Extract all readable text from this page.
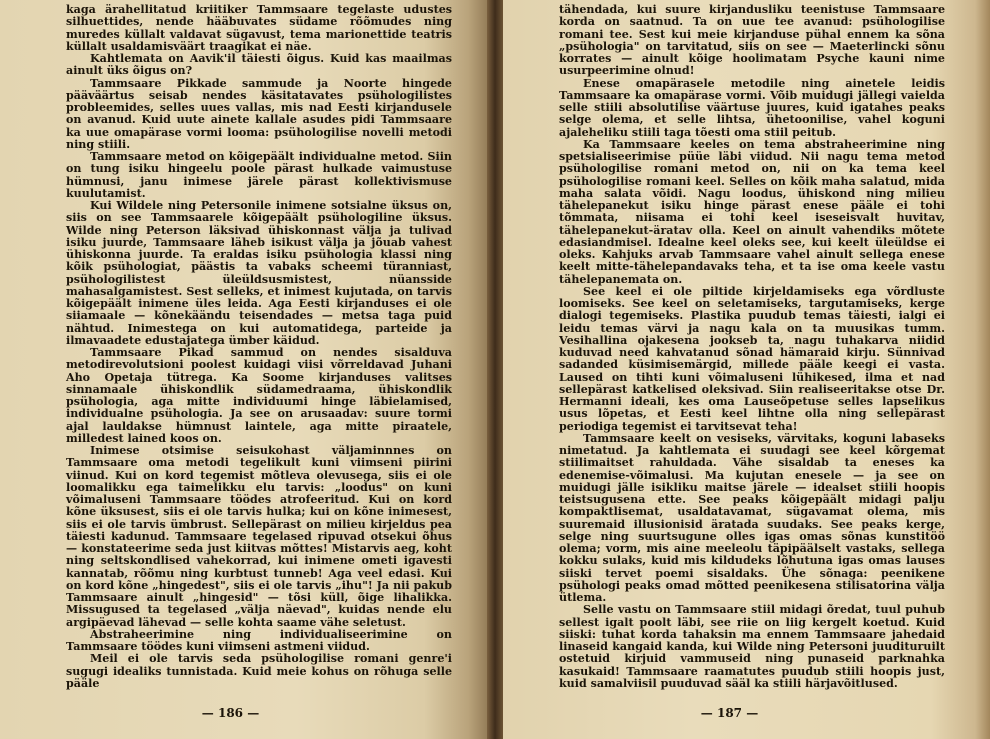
kaga ärahellitatud kriitiker Tammsaare tegelaste udustes silhuettides, nende hääbuvates südame rõõmudes ning muredes küllalt valdavat sügavust, tema marionettide teatris küllalt usaldamisväärt traagikat ei näe.

Kahtlemata on Aavik'il täiesti õigus. Kuid kas maailmas ainult üks õigus on?

Tammsaare Pikkade sammude ja Noorte hingede pääväärtus seisab nendes käsitatavates psühologilistes probleemides, selles uues vallas, mis nad Eesti kirjandusele on avanud. Kuid uute ainete kallale asudes pidi Tammsaare ka uue omapärase vormi looma: psühologilise novelli metodi ning stiili.

Tammsaare metod on kõigepäält individualne metod. Siin on tung isiku hingeelu poole pärast hulkade vaimustuse hümnusi, janu inimese järele pärast kollektivismuse kuulutamist.

Kui Wildele ning Petersonile inimene sotsialne üksus on, siis on see Tammsaarele kõigepäält psühologiline üksus. Wilde ning Peterson läksivad ühiskonnast välja ja tulivad isiku juurde, Tammsaare läheb isikust välja ja jõuab vahest ühiskonna juurde. Ta eraldas isiku psühologia klassi ning kõik psühologiat, päästis ta vabaks scheemi türanniast, psühologilistest üleüldsusmistest, nüansside mahasalgamistest. Sest selleks, et inimest kujutada, on tarvis kõigepäält inimene üles leida. Aga Eesti kirjanduses ei ole siiamaale — kõnekäändu teisendades — metsa taga puid nähtud. Inimestega on kui automatidega, parteide ja ilmavaadete edustajatega ümber käidud.

Tammsaare Pikad sammud on nendes sisalduva metodirevolutsioni poolest kuidagi viisi võrreldavad Juhani Aho Opetaja tütrega. Ka Soome kirjanduses valitses sinnamaale ühiskondlik südamedraama, ühiskondlik psühologia, aga mitte individuumi hinge läbielamised, individualne psühologia. Ja see on arusaadav: suure tormi ajal lauldakse hümnust laintele, aga mitte piraatele, milledest lained koos on.

Inimese otsimise seisukohast väljaminnnes on Tammsaare oma metodi tegelikult kuni viimseni piirini viinud. Kui on kord tegemist mõtleva olevusega, siis ei ole loomalikku ega taimelikku elu tarvis: „loodus" on kuni võimaluseni Tammsaare töödes atrofeeritud. Kui on kord kõne üksusest, siis ei ole tarvis hulka; kui on kõne inimesest, siis ei ole tarvis ümbrust. Sellepärast on milieu kirjeldus pea täiesti kadunud. Tammsaare tegelased ripuvad otsekui õhus — konstateerime seda just kiitvas mõttes! Mistarvis aeg, koht ning seltskondlised vahekorrad, kui inimene ometi igavesti kannatab, rõõmu ning kurbtust tunneb! Aga veel edasi. Kui on kord kõne „hingedest", siis ei ole tarvis „ihu"! Ja nii pakub Tammsaare ainult „hingesid" — tõsi küll, õige lihalikka. Missugused ta tegelased „välja näevad", kuidas nende elu argipäevad lähevad — selle kohta saame vähe seletust.

Abstraheerimine ning individualiseerimine on Tammsaare töödes kuni viimseni astmeni viidud.

Meil ei ole tarvis seda psühologilise romani genre'i sugugi idealiks tunnistada. Kuid meie kohus on rõhuga selle pääle

— 186 —

tähendada, kui suure kirjandusliku teenistuse Tammsaare korda on saatnud. Ta on uue tee avanud: psühologilise romani tee. Sest kui meie kirjanduse pühal ennem ka sõna „psühologia" on tarvitatud, siis on see — Maeterlincki sõnu korrates — ainult kõige hoolimatam Psyche kauni nime usurpeerimine olnud!

Enese omapärasele metodile ning ainetele leidis Tammsaare ka omapärase vormi. Võib muidugi jällegi vaielda selle stiili absolutilise väärtuse juures, kuid igatahes peaks selge olema, et selle lihtsa, ühetoonilise, vahel koguni ajaleheliku stiili taga tõesti oma stiil peitub.

Ka Tammsaare keeles on tema abstraheerimine ning spetsialiseerimise püüe läbi viidud. Nii nagu tema metod psühologilise romani metod on, nii on ka tema keel psühologilise romani keel. Selles on kõik maha salatud, mida maha salata võidi. Nagu loodus, ühiskond ning milieu tähelepanekut isiku hinge pärast enese pääle ei tohi tõmmata, niisama ei tohi keel iseseisvalt huvitav, tähelepanekut-äratav olla. Keel on ainult vahendiks mõtete edasiandmisel. Idealne keel oleks see, kui keelt üleüldse ei oleks. Kahjuks arvab Tammsaare vahel ainult sellega enese keelt mitte-tähelepandavaks teha, et ta ise oma keele vastu tähelepanemata on.

See keel ei ole piltide kirjeldamiseks ega võrdluste loomiseks. See keel on seletamiseks, targutamiseks, kerge dialogi tegemiseks. Plastika puudub temas täiesti, ialgi ei leidu temas värvi ja nagu kala on ta muusikas tumm. Vesihallina ojakesena jookseb ta, nagu tuhakarva niidid kuduvad need kahvatanud sõnad hämaraid kirju. Sünnivad sadanded küsimisemärgid, millede pääle keegi ei vasta. Laused on tihti kuni võimaluseni lühikesed, ilma et nad sellepärast katkelised oleksivad. Siin realiseeritakse otse Dr. Hermanni ideali, kes oma Lauseõpetuse selles lapselikus usus lõpetas, et Eesti keel lihtne olla ning sellepärast periodiga tegemist ei tarvitsevat teha!

Tammsaare keelt on vesiseks, värvitaks, koguni labaseks nimetatud. Ja kahtlemata ei suudagi see keel kõrgemat stiilimaitset rahuldada. Vähe sisaldab ta eneses ka edenemise-võimalusi. Ma kujutan enesele — ja see on muidugi jälle isikliku maitse järele — idealset stiili hoopis teistsugusena ette. See peaks kõigepäält midagi palju kompaktlisemat, usaldatavamat, sügavamat olema, mis suuremaid illusionisid äratada suudaks. See peaks kerge, selge ning suurtsugune olles igas omas sõnas kunstitöö olema; vorm, mis aine meeleolu täpipäälselt vastaks, sellega kokku sulaks, kuid mis kildudeks lõhutuna igas omas lauses siiski tervet poemi sisaldaks. Ühe sõnaga: peenikene psühologi peaks omad mõtted peenikesena stilisatorina välja ütlema.

Selle vastu on Tammsaare stiil midagi õredat, tuul puhub sellest igalt poolt läbi, see riie on liig kergelt koetud. Kuid siiski: tuhat korda tahaksin ma ennem Tammsaare jahedaid linaseid kangaid kanda, kui Wilde ning Petersoni juudituruilt ostetuid kirjuid vammuseid ning punaseid parknahka kasukaid! Tammsaare raamatutes puudub stiili hoopis just, kuid samalviisil puuduvad sääl ka stiili härjavõitlused.

— 187 —
